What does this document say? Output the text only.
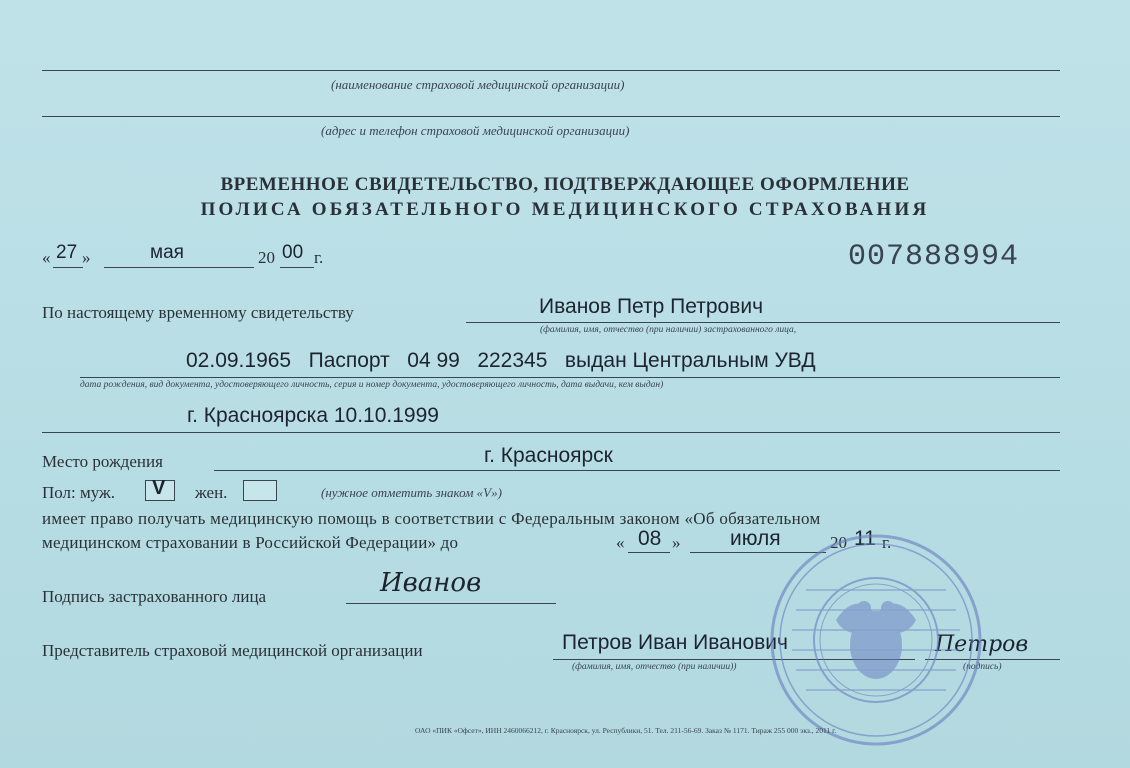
(наименование страховой медицинской организации)
(адрес и телефон страховой медицинской организации)
ВРЕМЕННОЕ СВИДЕТЕЛЬСТВО, ПОДТВЕРЖДАЮЩЕЕ ОФОРМЛЕНИЕ
ПОЛИСА ОБЯЗАТЕЛЬНОГО МЕДИЦИНСКОГО СТРАХОВАНИЯ
« 27 »	мая	20 00 г.	007888994
По настоящему временному свидетельству	Иванов Петр Петрович
(фамилия, имя, отчество (при наличии) застрахованного лица,
02.09.1965   Паспорт   04 99   222345   выдан Центральным УВД
дата рождения, вид документа, удостоверяющего личность, серия и номер документа, удостоверяющего личность, дата выдачи, кем выдан)
г. Красноярска 10.10.1999
Место рождения	г. Красноярск
Пол: муж. V жен.	(нужное отметить знаком «V»)
имеет право получать медицинскую помощь в соответствии с Федеральным законом «Об обязательном
медицинском страховании в Российской Федерации» до	« 08 » июля	20 11 г.
Подпись застрахованного лица	Иванов
Представитель страховой медицинской организации	Петров Иван Иванович
(фамилия, имя, отчество (при наличии))
Петров
(подпись)
ОАО «ПИК «Офсет», ИНН 2460066212, г. Красноярск, ул. Республики, 51. Тел. 211-56-69. Заказ № 1171. Тираж 255 000 экз., 2011 г.
